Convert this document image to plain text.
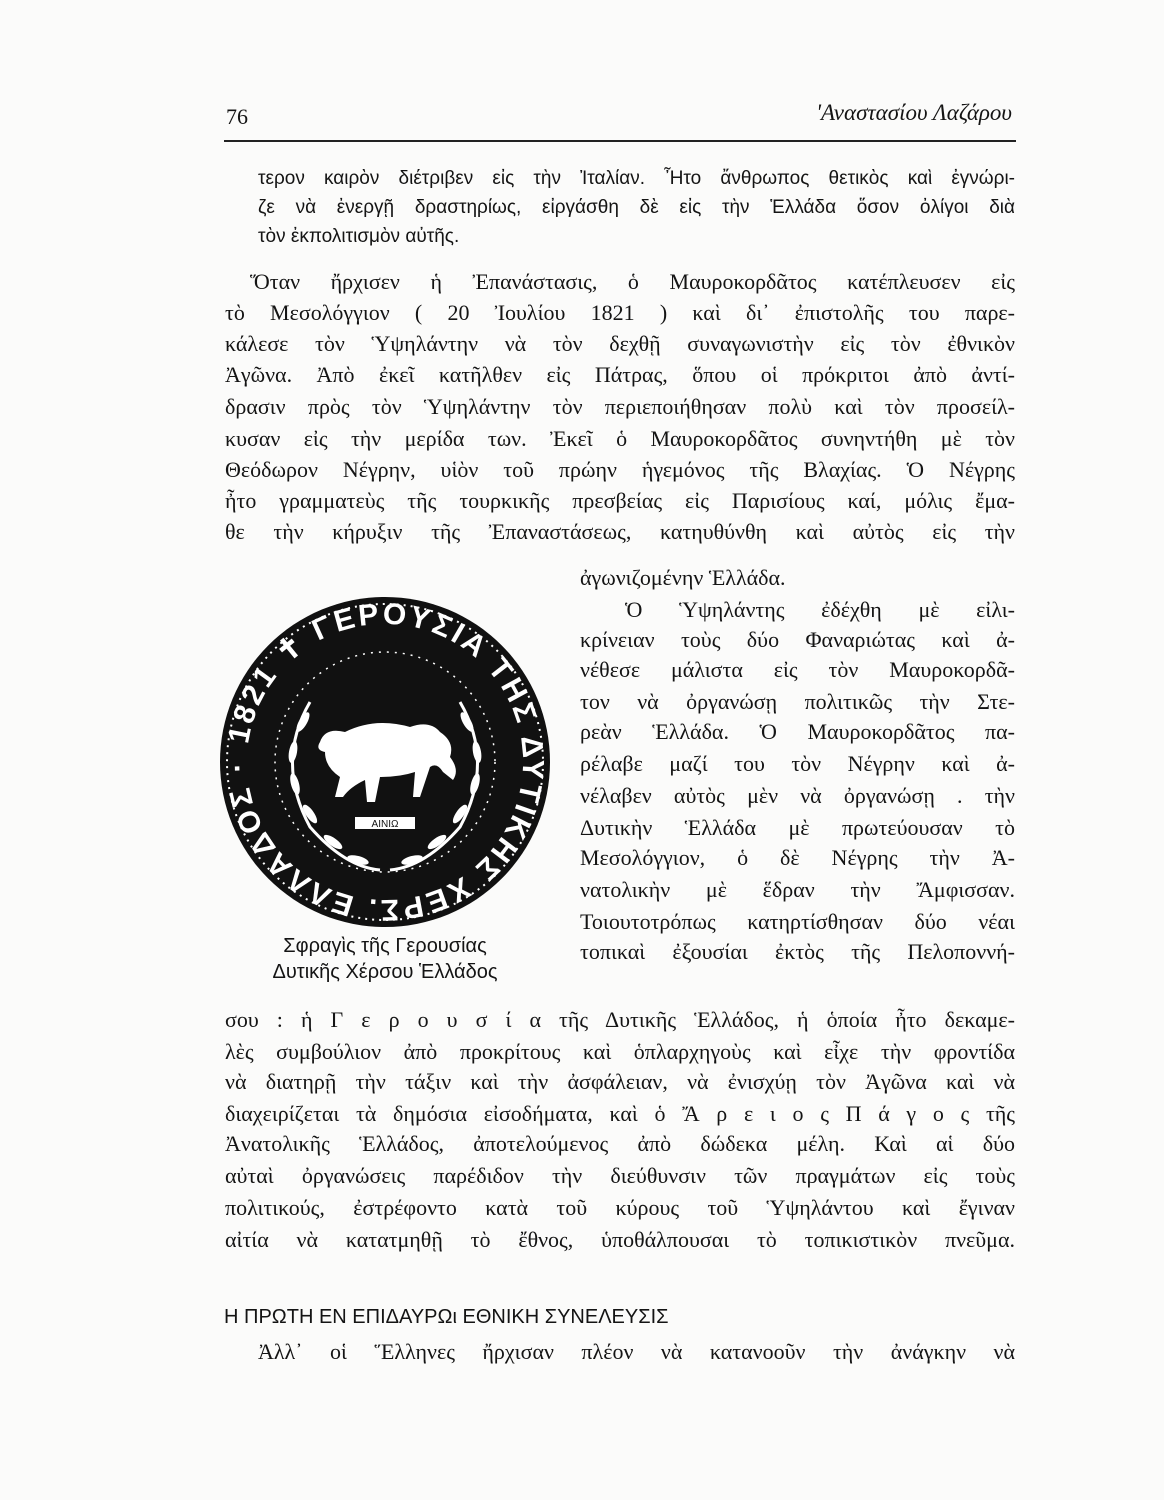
76	'Αναστασίου Λαζάρου
τερον καιρὸν διέτριβεν εἰς τὴν Ἰταλίαν. Ἦτο ἄνθρωπος θετικὸς καὶ ἐγνώρι-
ζε νὰ ἐνεργῇ δραστηρίως, εἰργάσθη δὲ εἰς τὴν Ἑλλάδα ὅσον ὀλίγοι διὰ
τὸν ἐκπολιτισμὸν αὐτῆς.
Ὅταν ἤρχισεν ἡ Ἐπανάστασις, ὁ Μαυροκορδᾶτος κατέπλευσεν εἰς
τὸ Μεσολόγγιον ( 20 Ἰουλίου 1821 ) καὶ δι᾽ ἐπιστολῆς του παρε-
κάλεσε τὸν Ὑψηλάντην νὰ τὸν δεχθῇ συναγωνιστὴν εἰς τὸν ἐθνικὸν
Ἀγῶνα. Ἀπὸ ἐκεῖ κατῆλθεν εἰς Πάτρας, ὅπου οἱ πρόκριτοι ἀπὸ ἀντί-
δρασιν πρὸς τὸν Ὑψηλάντην τὸν περιεποιήθησαν πολὺ καὶ τὸν προσείλ-
κυσαν εἰς τὴν μερίδα των. Ἐκεῖ ὁ Μαυροκορδᾶτος συνηντήθη μὲ τὸν
Θεόδωρον Νέγρην, υἱὸν τοῦ πρώην ἡγεμόνος τῆς Βλαχίας. Ὁ Νέγρης
ἦτο γραμματεὺς τῆς τουρκικῆς πρεσβείας εἰς Παρισίους καί, μόλις ἔμα-
θε τὴν κήρυξιν τῆς Ἐπαναστάσεως, κατηυθύνθη καὶ αὐτὸς εἰς τὴν
ἀγωνιζομένην Ἑλλάδα.
Ὁ Ὑψηλάντης ἐδέχθη μὲ εἰλι-
κρίνειαν τοὺς δύο Φαναριώτας καὶ ἀ-
νέθεσε μάλιστα εἰς τὸν Μαυροκορδᾶ-
τον νὰ ὀργανώσῃ πολιτικῶς τὴν Στε-
ρεὰν Ἑλλάδα. Ὁ Μαυροκορδᾶτος πα-
ρέλαβε μαζί του τὸν Νέγρην καὶ ἀ-
νέλαβεν αὐτὸς μὲν νὰ ὀργανώσῃ . τὴν
Δυτικὴν Ἑλλάδα μὲ πρωτεύουσαν τὸ
Μεσολόγγιον, ὁ δὲ Νέγρης τὴν Ἀ-
νατολικὴν μὲ ἕδραν τὴν Ἄμφισσαν.
Τοιουτοτρόπως κατηρτίσθησαν δύο νέαι
τοπικαὶ ἐξουσίαι ἐκτὸς τῆς Πελοποννή-
σου : ἡ Γ ε ρ ο υ σ ί α τῆς Δυτικῆς Ἑλλάδος, ἡ ὁποία ἦτο δεκαμε-
λὲς συμβούλιον ἀπὸ προκρίτους καὶ ὁπλαρχηγοὺς καὶ εἶχε τὴν φροντίδα
νὰ διατηρῇ τὴν τάξιν καὶ τὴν ἀσφάλειαν, νὰ ἐνισχύῃ τὸν Ἀγῶνα καὶ νὰ
διαχειρίζεται τὰ δημόσια εἰσοδήματα, καὶ ὁ Ἄ ρ ε ι ο ς Π ά γ ο ς τῆς
Ἀνατολικῆς Ἑλλάδος, ἀποτελούμενος ἀπὸ δώδεκα μέλη. Καὶ αἱ δύο
αὐταὶ ὀργανώσεις παρέδιδον τὴν διεύθυνσιν τῶν πραγμάτων εἰς τοὺς
πολιτικούς, ἐστρέφοντο κατὰ τοῦ κύρους τοῦ Ὑψηλάντου καὶ ἔγιναν
αἰτία νὰ κατατμηθῇ τὸ ἔθνος, ὑποθάλπουσαι τὸ τοπικιστικὸν πνεῦμα.
Ἀλλ᾽ οἱ Ἕλληνες ἤρχισαν πλέον νὰ κατανοοῦν τὴν ἀνάγκην νὰ
Η ΠΡΩΤΗ ΕΝ ΕΠΙΔΑΥΡΩι ΕΘΝΙΚΗ ΣΥΝΕΛΕΥΣΙΣ
1821 ✝ ΓΕΡΟΥΣΙΑ ΤΗΣ ΔΥΤΙΚΗΣ ΧΕΡΣ. ΕΛΛΑΔΟΣ ·
ΑΙΝΙΩ
Σφραγὶς τῆς Γερουσίας
Δυτικῆς Χέρσου Ἑλλάδος
